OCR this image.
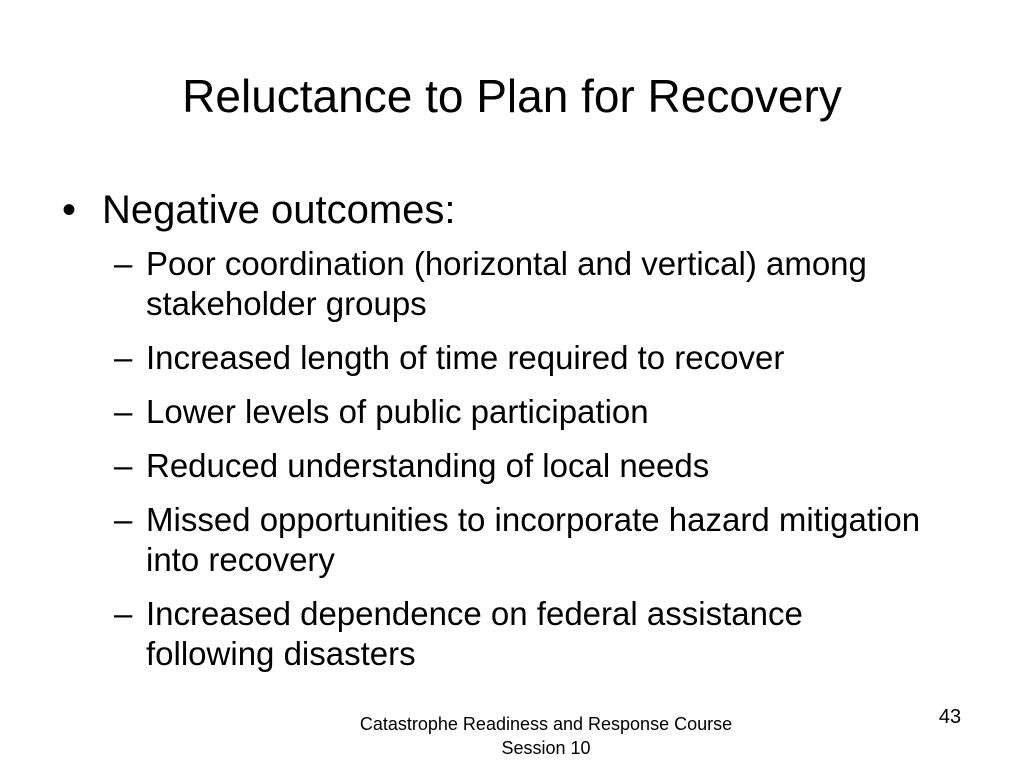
Reluctance to Plan for Recovery
• Negative outcomes:
– Poor coordination (horizontal and vertical) among stakeholder groups
– Increased length of time required to recover
– Lower levels of public participation
– Reduced understanding of local needs
– Missed opportunities to incorporate hazard mitigation into recovery
– Increased dependence on federal assistance following disasters
Catastrophe Readiness and Response Course
Session 10
43
